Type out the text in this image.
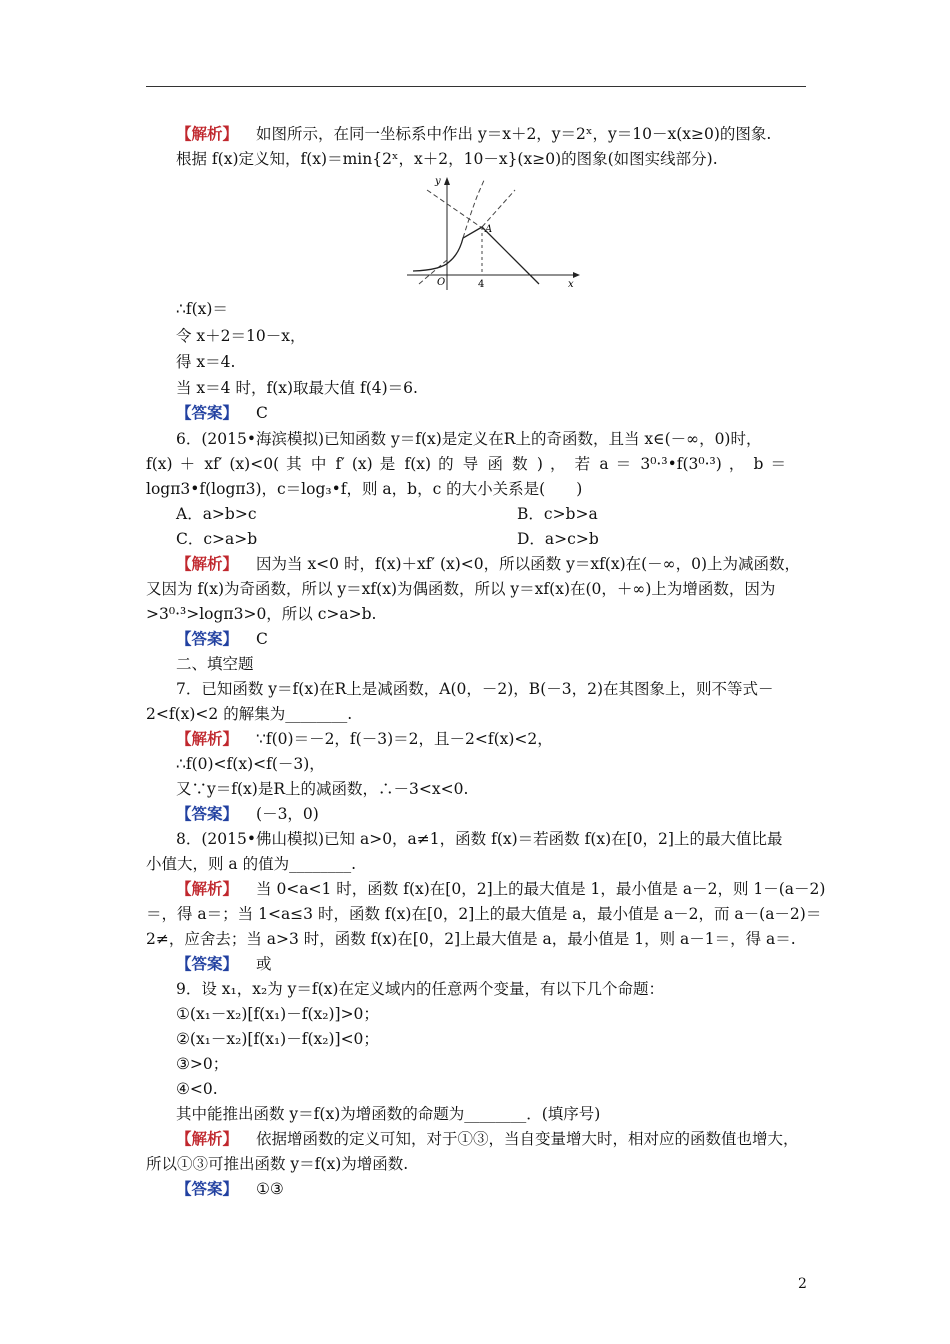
【解析】 如图所示，在同一坐标系中作出 y＝x＋2，y＝2ˣ，y＝10－x(x≥0)的图象.
根据 f(x)定义知，f(x)＝min{2ˣ，x＋2，10－x}(x≥0)的图象(如图实线部分).
y
x
O	4
A
∴f(x)＝
令 x＋2＝10－x，
得 x＝4.
当 x＝4 时，f(x)取最大值 f(4)＝6.
【答案】 C
6．(2015•海滨模拟)已知函数 y＝f(x)是定义在R上的奇函数，且当 x∈(－∞，0)时，
f(x) ＋ xf′ (x)<0( 其 中 f′ (x) 是 f(x) 的 导 函 数 ) ， 若 a ＝ 3⁰·³•f(3⁰·³) ， b ＝
logπ3•f(logπ3)，c＝log₃•f，则 a，b，c 的大小关系是(　　)
A．a>b>c	B．c>b>a
C．c>a>b	D．a>c>b
【解析】 因为当 x<0 时，f(x)＋xf′ (x)<0，所以函数 y＝xf(x)在(－∞，0)上为减函数，
又因为 f(x)为奇函数，所以 y＝xf(x)为偶函数，所以 y＝xf(x)在(0，＋∞)上为增函数，因为
>3⁰·³>logπ3>0，所以 c>a>b.
【答案】 C
二、填空题
7．已知函数 y＝f(x)在R上是减函数，A(0，－2)，B(－3，2)在其图象上，则不等式－
2<f(x)<2 的解集为________.
【解析】 ∵f(0)＝－2，f(－3)＝2，且－2<f(x)<2，
∴f(0)<f(x)<f(－3)，
又∵y＝f(x)是R上的减函数，∴－3<x<0.
【答案】 (－3，0)
8．(2015•佛山模拟)已知 a>0，a≠1，函数 f(x)＝若函数 f(x)在[0，2]上的最大值比最
小值大，则 a 的值为________.
【解析】 当 0<a<1 时，函数 f(x)在[0，2]上的最大值是 1，最小值是 a－2，则 1－(a－2)
＝，得 a＝；当 1<a≤3 时，函数 f(x)在[0，2]上的最大值是 a，最小值是 a－2，而 a－(a－2)＝
2≠，应舍去；当 a>3 时，函数 f(x)在[0，2]上最大值是 a，最小值是 1，则 a－1＝，得 a＝.
【答案】 或
9．设 x₁，x₂为 y＝f(x)在定义域内的任意两个变量，有以下几个命题：
①(x₁－x₂)[f(x₁)－f(x₂)]>0；
②(x₁－x₂)[f(x₁)－f(x₂)]<0；
③>0；
④<0.
其中能推出函数 y＝f(x)为增函数的命题为________．(填序号)
【解析】 依据增函数的定义可知，对于①③，当自变量增大时，相对应的函数值也增大，
所以①③可推出函数 y＝f(x)为增函数.
【答案】 ①③
2
